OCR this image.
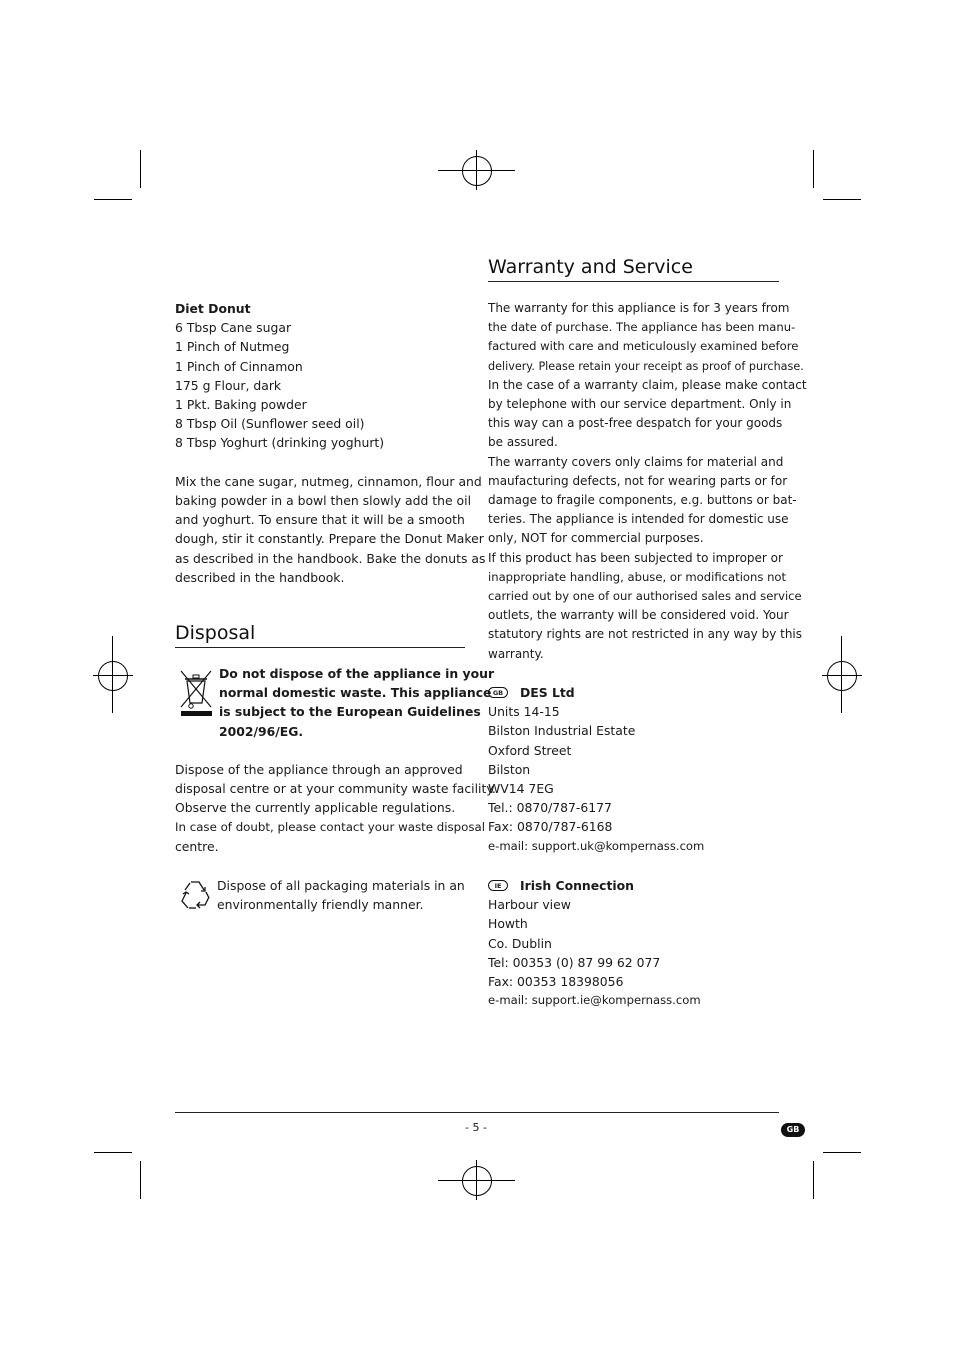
Diet Donut
6 Tbsp Cane sugar
1 Pinch of Nutmeg
1 Pinch of Cinnamon
175 g Flour, dark
1 Pkt. Baking powder
8 Tbsp Oil (Sunflower seed oil)
8 Tbsp Yoghurt (drinking yoghurt)
Mix the cane sugar, nutmeg, cinnamon, flour and
baking powder in a bowl then slowly add the oil
and yoghurt. To ensure that it will be a smooth
dough, stir it constantly. Prepare the Donut Maker
as described in the handbook. Bake the donuts as
described in the handbook.
Disposal
Do not dispose of the appliance in your
normal domestic waste. This appliance
is subject to the European Guidelines
2002/96/EG.
Dispose of the appliance through an approved
disposal centre or at your community waste facility.
Observe the currently applicable regulations.
In case of doubt, please contact your waste disposal
centre.
Dispose of all packaging materials in an
environmentally friendly manner.
Warranty and Service
The warranty for this appliance is for 3 years from
the date of purchase. The appliance has been manu-
factured with care and meticulously examined before
delivery. Please retain your receipt as proof of purchase.
In the case of a warranty claim, please make contact
by telephone with our service department. Only in
this way can a post-free despatch for your goods
be assured.
The warranty covers only claims for material and
maufacturing defects, not for wearing parts or for
damage to fragile components, e.g. buttons or bat-
teries. The appliance is intended for domestic use
only, NOT for commercial purposes.
If this product has been subjected to improper or
inappropriate handling, abuse, or modifications not
carried out by one of our authorised sales and service
outlets, the warranty will be considered void. Your
statutory rights are not restricted in any way by this
warranty.
GB DES Ltd
Units 14-15
Bilston Industrial Estate
Oxford Street
Bilston
WV14 7EG
Tel.: 0870/787-6177
Fax: 0870/787-6168
e-mail: support.uk@kompernass.com
IE Irish Connection
Harbour view
Howth
Co. Dublin
Tel: 00353 (0) 87 99 62 077
Fax: 00353 18398056
e-mail: support.ie@kompernass.com
- 5 -	GB
